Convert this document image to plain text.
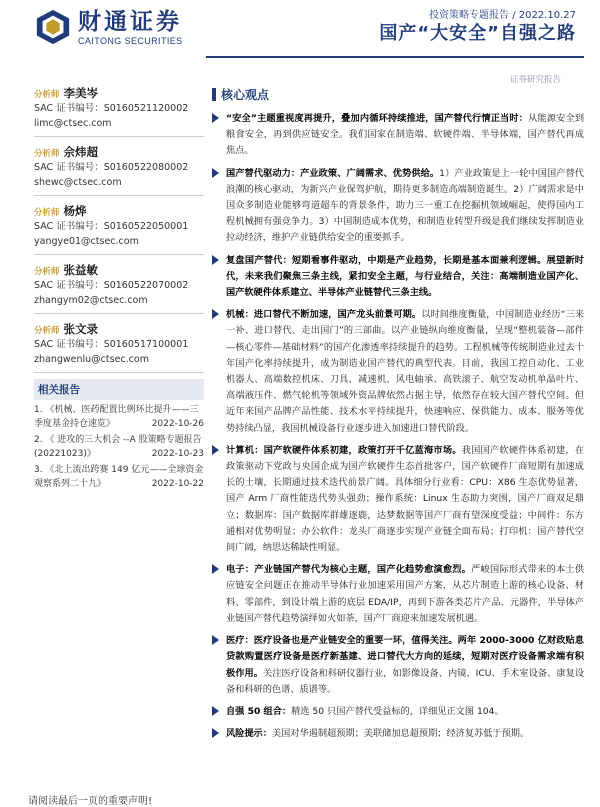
财通证券
CAITONG SECURITIES
投资策略专题报告 / 2022.10.27
国产“大安全”自强之路
证券研究报告
分析师 李美岑
SAC 证书编号：S0160521120002
limc@ctsec.com
分析师 佘炜超
SAC 证书编号：S0160522080002
shewc@ctsec.com
分析师 杨烨
SAC 证书编号：S0160522050001
yangye01@ctsec.com
分析师 张益敏
SAC 证书编号：S0160522070002
zhangym02@ctsec.com
分析师 张文录
SAC 证书编号：S0160517100001
zhangwenlu@ctsec.com
相关报告
1. 《机械、医药配置比例环比提升——三季度基金持仓速览》	2022-10-26
2. 《 进攻的三大机会 --A 股策略专题报告(20221023)》	2022-10-23
3. 《北上流出跨赛 149 亿元——全球资金观察系列二十九》	2022-10-22
核心观点
“安全”主题重视度再提升，叠加内循环持续推进，国产替代行情正当时：从能源安全到粮食安全，再到供应链安全。我们国家在制造端、软硬件端、半导体端，国产替代再成焦点。
国产替代驱动力：产业政策、广阔需求、优势供给。1）产业政策是上一轮中国国产替代浪潮的核心驱动，为新兴产业保驾护航，期待更多制造高端制造诞生。2）广阔需求是中国众多制造业能够弯道超车的背景条件，助力三一重工在挖掘机领域崛起，使得国内工程机械拥有强竞争力。3）中国制造成本优势，和制造业转型升级是我们继续发挥制造业拉动经济，维护产业链供给安全的重要抓手。
复盘国产替代：短期看事件驱动，中期是产业趋势，长期是基本面兼利逻辑。展望新时代，未来我们聚焦三条主线，紧扣安全主题，与行业结合，关注：高端制造业国产化、国产软硬件体系建立、半导体产业链替代三条主线。
机械：进口替代不断加速，国产龙头前景可期。以时间维度衡量，中国制造业经历“三来一补、进口替代、走出国门”的三部曲。以产业链纵向维度衡量，呈现“整机装备—部件—核心零件—基础材料”的国产化渗透率持续提升的趋势。工程机械等传统制造业过去十年国产化率持续提升，成为制造业国产替代的典型代表。目前，我国工控自动化、工业机器人、高端数控机床、刀具、减速机、风电轴承、高铁滚子、航空发动机单晶叶片、高端液压件、燃气轮机等领域外资品牌依然占据主导，依然存在较大国产替代空间。但近年来国产品牌产品性能、技术水平持续提升，快速响应、保供能力、成本、服务等优势持续凸显，我国机械设备行业逐步进入加速进口替代阶段。
计算机：国产软硬件体系初建，政策打开千亿蓝海市场。我国国产软硬件体系初建，在政策驱动下党政与央国企成为国产软硬件生态首批客户，国产软硬件厂商短期有加速成长的土壤，长期通过技术迭代前景广阔。具体细分行业看：CPU：X86 生态优势显著，国产 Arm 厂商性能迭代势头强劲；操作系统：Linux 生态助力突围，国产厂商双足鼎立；数据库：国产数据库群雄逐鹿，达梦数据等国产厂商有望深度受益；中间件：东方通相对优势明显；办公软件：龙头厂商逐步实现产业链全面布局；打印机：国产替代空间广阔，纳思达稀缺性明显。
电子：产业链国产替代为核心主题，国产化趋势愈演愈烈。严峻国际形式带来的本土供应链安全问题正在推动半导体行业加速采用国产方案，从芯片制造上游的核心设备、材料、零部件，到设计端上游的底层 EDA/IP，再到下游各类芯片产品、元器件，半导体产业链国产替代趋势演绎如火如荼，国产厂商迎来加速发展机遇。
医疗：医疗设备也是产业链安全的重要一环，值得关注。两年 2000-3000 亿财政贴息贷款购置医疗设备是医疗新基建、进口替代大方向的延续，短期对医疗设备需求端有积极作用。关注医疗设备和科研仪器行业，如影像设备、内镜、ICU、手术室设备、康复设备和科研的色谱、质谱等。
自强 50 组合：精选 50 只国产替代受益标的，详细见正文图 104。
风险提示：美国对华遏制超预期；美联储加息超预期；经济复苏低于预期。
请阅读最后一页的重要声明!
